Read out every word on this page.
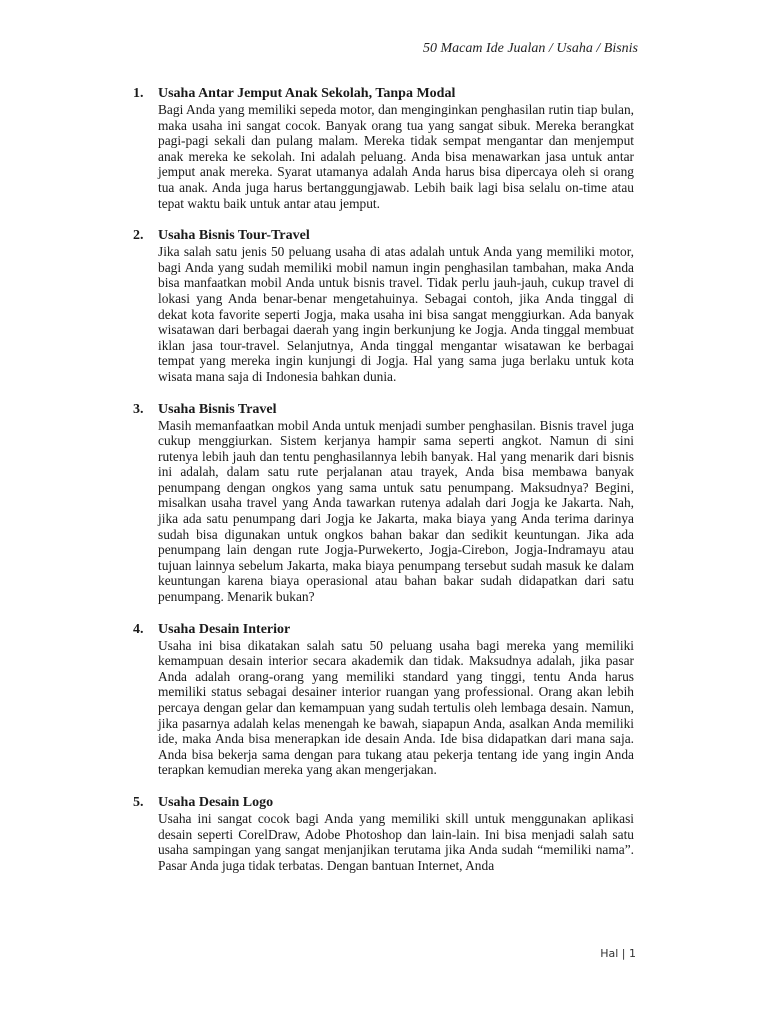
50 Macam Ide Jualan / Usaha / Bisnis
1. Usaha Antar Jemput Anak Sekolah, Tanpa Modal
Bagi Anda yang memiliki sepeda motor, dan menginginkan penghasilan rutin tiap bulan, maka usaha ini sangat cocok. Banyak orang tua yang sangat sibuk. Mereka berangkat pagi-pagi sekali dan pulang malam. Mereka tidak sempat mengantar dan menjemput anak mereka ke sekolah. Ini adalah peluang. Anda bisa menawarkan jasa untuk antar jemput anak mereka. Syarat utamanya adalah Anda harus bisa dipercaya oleh si orang tua anak. Anda juga harus bertanggungjawab. Lebih baik lagi bisa selalu on-time atau tepat waktu baik untuk antar atau jemput.
2. Usaha Bisnis Tour-Travel
Jika salah satu jenis 50 peluang usaha di atas adalah untuk Anda yang memiliki motor, bagi Anda yang sudah memiliki mobil namun ingin penghasilan tambahan, maka Anda bisa manfaatkan mobil Anda untuk bisnis travel. Tidak perlu jauh-jauh, cukup travel di lokasi yang Anda benar-benar mengetahuinya. Sebagai contoh, jika Anda tinggal di dekat kota favorite seperti Jogja, maka usaha ini bisa sangat menggiurkan. Ada banyak wisatawan dari berbagai daerah yang ingin berkunjung ke Jogja. Anda tinggal membuat iklan jasa tour-travel. Selanjutnya, Anda tinggal mengantar wisatawan ke berbagai tempat yang mereka ingin kunjungi di Jogja. Hal yang sama juga berlaku untuk kota wisata mana saja di Indonesia bahkan dunia.
3. Usaha Bisnis Travel
Masih memanfaatkan mobil Anda untuk menjadi sumber penghasilan. Bisnis travel juga cukup menggiurkan. Sistem kerjanya hampir sama seperti angkot. Namun di sini rutenya lebih jauh dan tentu penghasilannya lebih banyak. Hal yang menarik dari bisnis ini adalah, dalam satu rute perjalanan atau trayek, Anda bisa membawa banyak penumpang dengan ongkos yang sama untuk satu penumpang. Maksudnya? Begini, misalkan usaha travel yang Anda tawarkan rutenya adalah dari Jogja ke Jakarta. Nah, jika ada satu penumpang dari Jogja ke Jakarta, maka biaya yang Anda terima darinya sudah bisa digunakan untuk ongkos bahan bakar dan sedikit keuntungan. Jika ada penumpang lain dengan rute Jogja-Purwekerto, Jogja-Cirebon, Jogja-Indramayu atau tujuan lainnya sebelum Jakarta, maka biaya penumpang tersebut sudah masuk ke dalam keuntungan karena biaya operasional atau bahan bakar sudah didapatkan dari satu penumpang. Menarik bukan?
4. Usaha Desain Interior
Usaha ini bisa dikatakan salah satu 50 peluang usaha bagi mereka yang memiliki kemampuan desain interior secara akademik dan tidak. Maksudnya adalah, jika pasar Anda adalah orang-orang yang memiliki standard yang tinggi, tentu Anda harus memiliki status sebagai desainer interior ruangan yang professional. Orang akan lebih percaya dengan gelar dan kemampuan yang sudah tertulis oleh lembaga desain. Namun, jika pasarnya adalah kelas menengah ke bawah, siapapun Anda, asalkan Anda memiliki ide, maka Anda bisa menerapkan ide desain Anda. Ide bisa didapatkan dari mana saja. Anda bisa bekerja sama dengan para tukang atau pekerja tentang ide yang ingin Anda terapkan kemudian mereka yang akan mengerjakan.
5. Usaha Desain Logo
Usaha ini sangat cocok bagi Anda yang memiliki skill untuk menggunakan aplikasi desain seperti CorelDraw, Adobe Photoshop dan lain-lain. Ini bisa menjadi salah satu usaha sampingan yang sangat menjanjikan terutama jika Anda sudah “memiliki nama”. Pasar Anda juga tidak terbatas. Dengan bantuan Internet, Anda
Hal | 1
